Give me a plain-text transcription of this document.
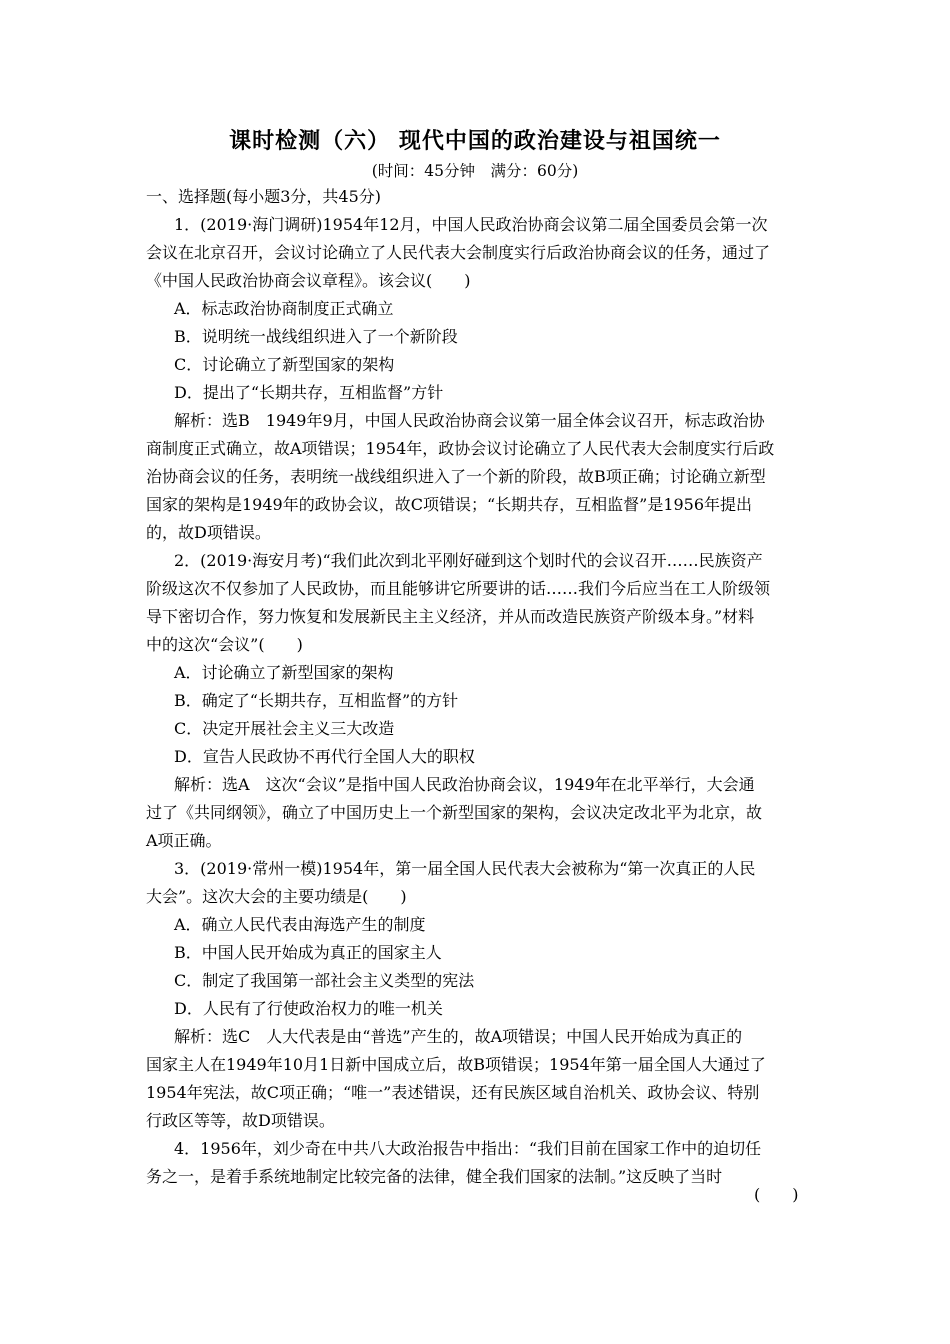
课时检测（六） 现代中国的政治建设与祖国统一
(时间：45分钟　满分：60分)
一、选择题(每小题3分，共45分)
1．(2019·海门调研)1954年12月，中国人民政治协商会议第二届全国委员会第一次
会议在北京召开，会议讨论确立了人民代表大会制度实行后政治协商会议的任务，通过了
《中国人民政治协商会议章程》。该会议(　　)
A．标志政治协商制度正式确立
B．说明统一战线组织进入了一个新阶段
C．讨论确立了新型国家的架构
D．提出了“长期共存，互相监督”方针
解析：选B　1949年9月，中国人民政治协商会议第一届全体会议召开，标志政治协
商制度正式确立，故A项错误；1954年，政协会议讨论确立了人民代表大会制度实行后政
治协商会议的任务，表明统一战线组织进入了一个新的阶段，故B项正确；讨论确立新型
国家的架构是1949年的政协会议，故C项错误；“长期共存，互相监督”是1956年提出
的，故D项错误。
2．(2019·海安月考)“我们此次到北平刚好碰到这个划时代的会议召开……民族资产
阶级这次不仅参加了人民政协，而且能够讲它所要讲的话……我们今后应当在工人阶级领
导下密切合作，努力恢复和发展新民主主义经济，并从而改造民族资产阶级本身。”材料
中的这次“会议”(　　)
A．讨论确立了新型国家的架构
B．确定了“长期共存，互相监督”的方针
C．决定开展社会主义三大改造
D．宣告人民政协不再代行全国人大的职权
解析：选A　这次“会议”是指中国人民政治协商会议，1949年在北平举行，大会通
过了《共同纲领》，确立了中国历史上一个新型国家的架构，会议决定改北平为北京，故
A项正确。
3．(2019·常州一模)1954年，第一届全国人民代表大会被称为“第一次真正的人民
大会”。这次大会的主要功绩是(　　)
A．确立人民代表由海选产生的制度
B．中国人民开始成为真正的国家主人
C．制定了我国第一部社会主义类型的宪法
D．人民有了行使政治权力的唯一机关
解析：选C　人大代表是由“普选”产生的，故A项错误；中国人民开始成为真正的
国家主人在1949年10月1日新中国成立后，故B项错误；1954年第一届全国人大通过了
1954年宪法，故C项正确；“唯一”表述错误，还有民族区域自治机关、政协会议、特别
行政区等等，故D项错误。
4．1956年，刘少奇在中共八大政治报告中指出：“我们目前在国家工作中的迫切任
务之一，是着手系统地制定比较完备的法律，健全我们国家的法制。”这反映了当时
(　　)
